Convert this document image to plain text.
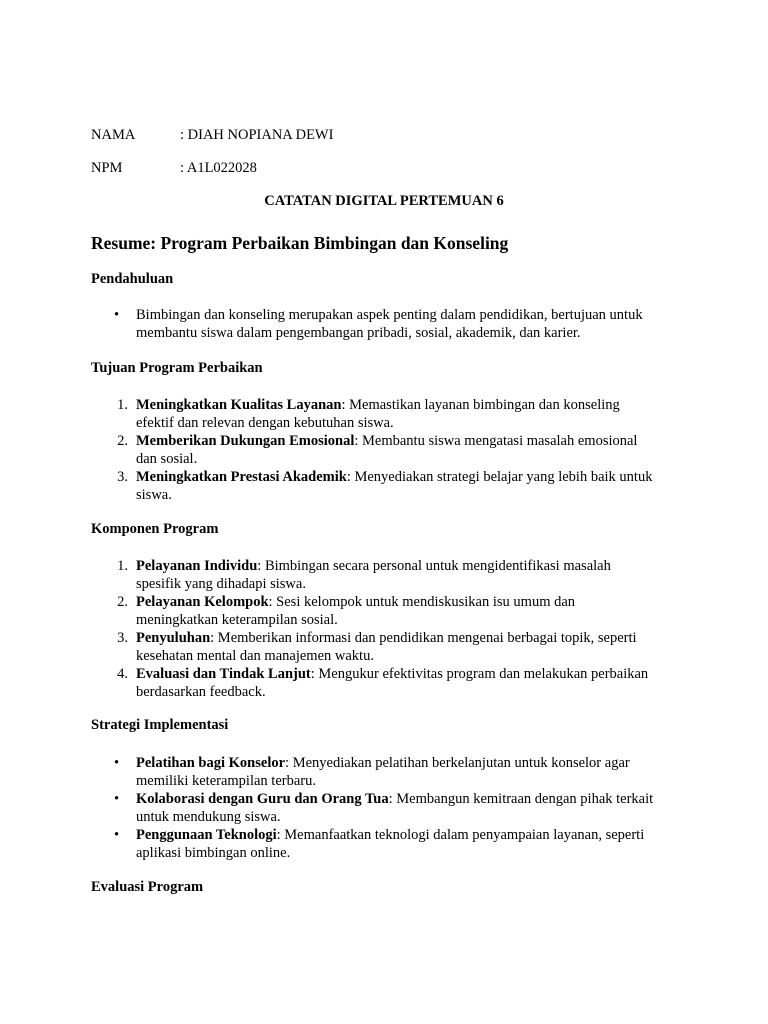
NAMA	: DIAH NOPIANA DEWI
NPM	: A1L022028
CATATAN DIGITAL PERTEMUAN 6
Resume: Program Perbaikan Bimbingan dan Konseling
Pendahuluan
•	Bimbingan dan konseling merupakan aspek penting dalam pendidikan, bertujuan untuk
membantu siswa dalam pengembangan pribadi, sosial, akademik, dan karier.
Tujuan Program Perbaikan
1. Meningkatkan Kualitas Layanan: Memastikan layanan bimbingan dan konseling
efektif dan relevan dengan kebutuhan siswa.
2. Memberikan Dukungan Emosional: Membantu siswa mengatasi masalah emosional
dan sosial.
3. Meningkatkan Prestasi Akademik: Menyediakan strategi belajar yang lebih baik untuk
siswa.
Komponen Program
1. Pelayanan Individu: Bimbingan secara personal untuk mengidentifikasi masalah
spesifik yang dihadapi siswa.
2. Pelayanan Kelompok: Sesi kelompok untuk mendiskusikan isu umum dan
meningkatkan keterampilan sosial.
3. Penyuluhan: Memberikan informasi dan pendidikan mengenai berbagai topik, seperti
kesehatan mental dan manajemen waktu.
4. Evaluasi dan Tindak Lanjut: Mengukur efektivitas program dan melakukan perbaikan
berdasarkan feedback.
Strategi Implementasi
•	Pelatihan bagi Konselor: Menyediakan pelatihan berkelanjutan untuk konselor agar
memiliki keterampilan terbaru.
•	Kolaborasi dengan Guru dan Orang Tua: Membangun kemitraan dengan pihak terkait
untuk mendukung siswa.
•	Penggunaan Teknologi: Memanfaatkan teknologi dalam penyampaian layanan, seperti
aplikasi bimbingan online.
Evaluasi Program
